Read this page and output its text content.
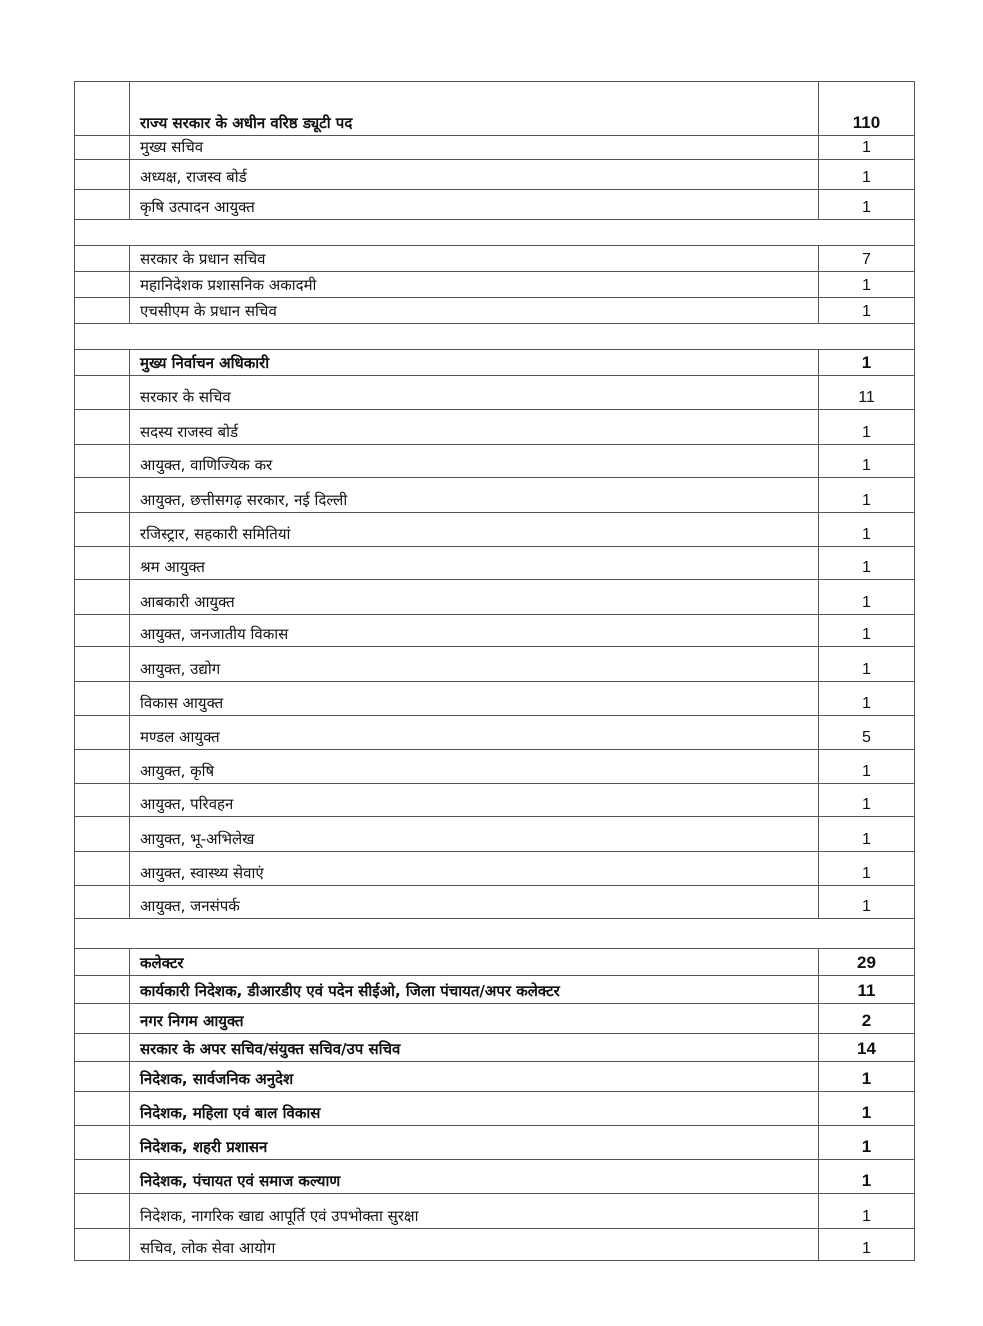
	राज्य सरकार के अधीन वरिष्ठ ड्यूटी पद	110
	मुख्य सचिव	1
	अध्यक्ष, राजस्व बोर्ड	1
	कृषि उत्पादन आयुक्त	1

	सरकार के प्रधान सचिव	7
	महानिदेशक प्रशासनिक अकादमी	1
	एचसीएम के प्रधान सचिव	1

	मुख्य निर्वाचन अधिकारी	1
	सरकार के सचिव	11
	सदस्य राजस्व बोर्ड	1
	आयुक्त, वाणिज्यिक कर	1
	आयुक्त, छत्तीसगढ़ सरकार, नई दिल्ली	1
	रजिस्ट्रार, सहकारी समितियां	1
	श्रम आयुक्त	1
	आबकारी आयुक्त	1
	आयुक्त, जनजातीय विकास	1
	आयुक्त, उद्योग	1
	विकास आयुक्त	1
	मण्डल आयुक्त	5
	आयुक्त, कृषि	1
	आयुक्त, परिवहन	1
	आयुक्त, भू-अभिलेख	1
	आयुक्त, स्वास्थ्य सेवाएं	1
	आयुक्त, जनसंपर्क	1

	कलेक्टर	29
	कार्यकारी निदेशक, डीआरडीए एवं पदेन सीईओ, जिला पंचायत/अपर कलेक्टर	11
	नगर निगम आयुक्त	2
	सरकार के अपर सचिव/संयुक्त सचिव/उप सचिव	14
	निदेशक, सार्वजनिक अनुदेश	1
	निदेशक, महिला एवं बाल विकास	1
	निदेशक, शहरी प्रशासन	1
	निदेशक, पंचायत एवं समाज कल्याण	1
	निदेशक, नागरिक खाद्य आपूर्ति एवं उपभोक्ता सुरक्षा	1
	सचिव, लोक सेवा आयोग	1
